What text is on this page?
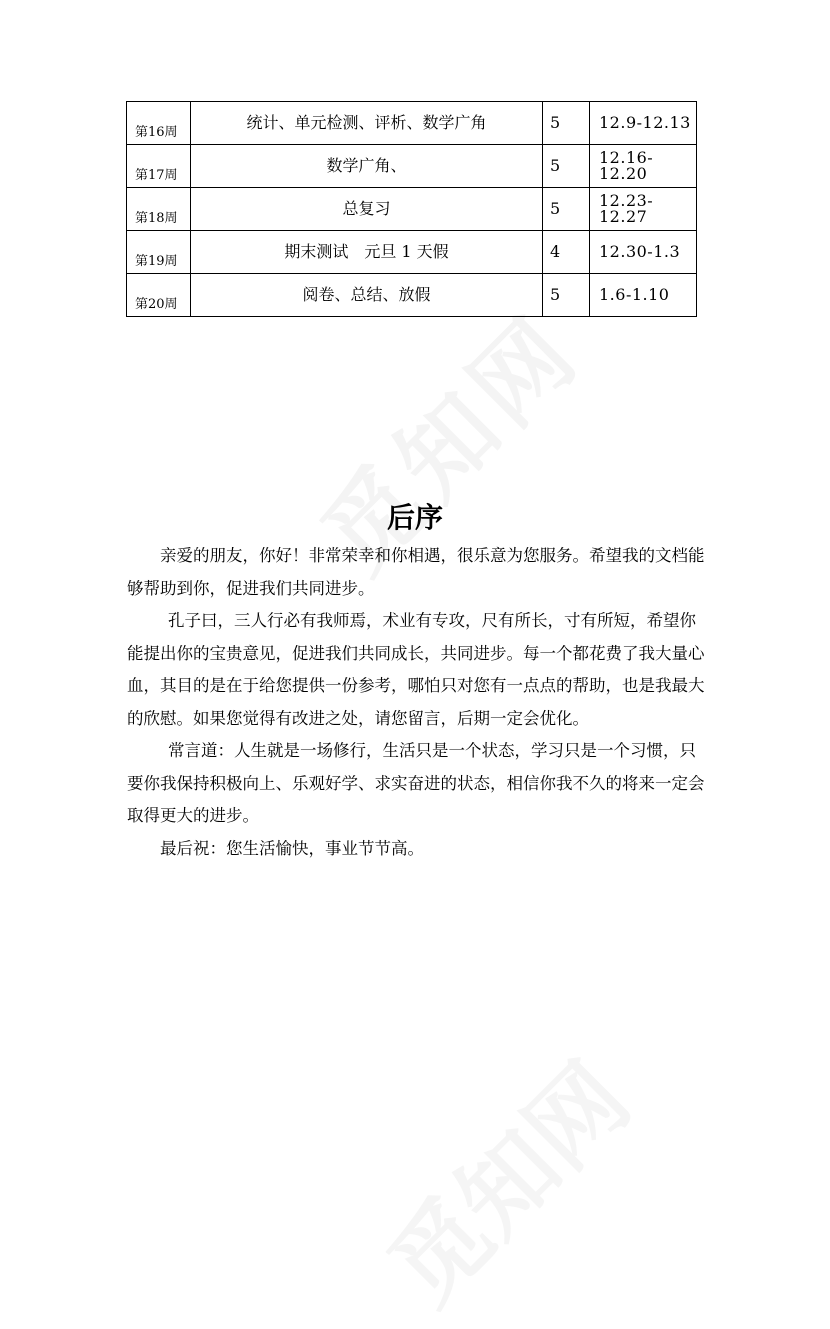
第16周	统计、单元检测、评析、数学广角	5	12.9-12.13
第17周	数学广角、	5	12.16-12.20
第18周	总复习	5	12.23-12.27
第19周	期末测试　元旦 1 天假	4	12.30-1.3
第20周	阅卷、总结、放假	5	1.6-1.10
后序

亲爱的朋友，你好！非常荣幸和你相遇，很乐意为您服务。希望我的文档能够帮助到你，促进我们共同进步。

孔子曰，三人行必有我师焉，术业有专攻，尺有所长，寸有所短，希望你能提出你的宝贵意见，促进我们共同成长，共同进步。每一个都花费了我大量心血，其目的是在于给您提供一份参考，哪怕只对您有一点点的帮助，也是我最大的欣慰。如果您觉得有改进之处，请您留言，后期一定会优化。

常言道：人生就是一场修行，生活只是一个状态，学习只是一个习惯，只要你我保持积极向上、乐观好学、求实奋进的状态，相信你我不久的将来一定会取得更大的进步。

最后祝：您生活愉快，事业节节高。
